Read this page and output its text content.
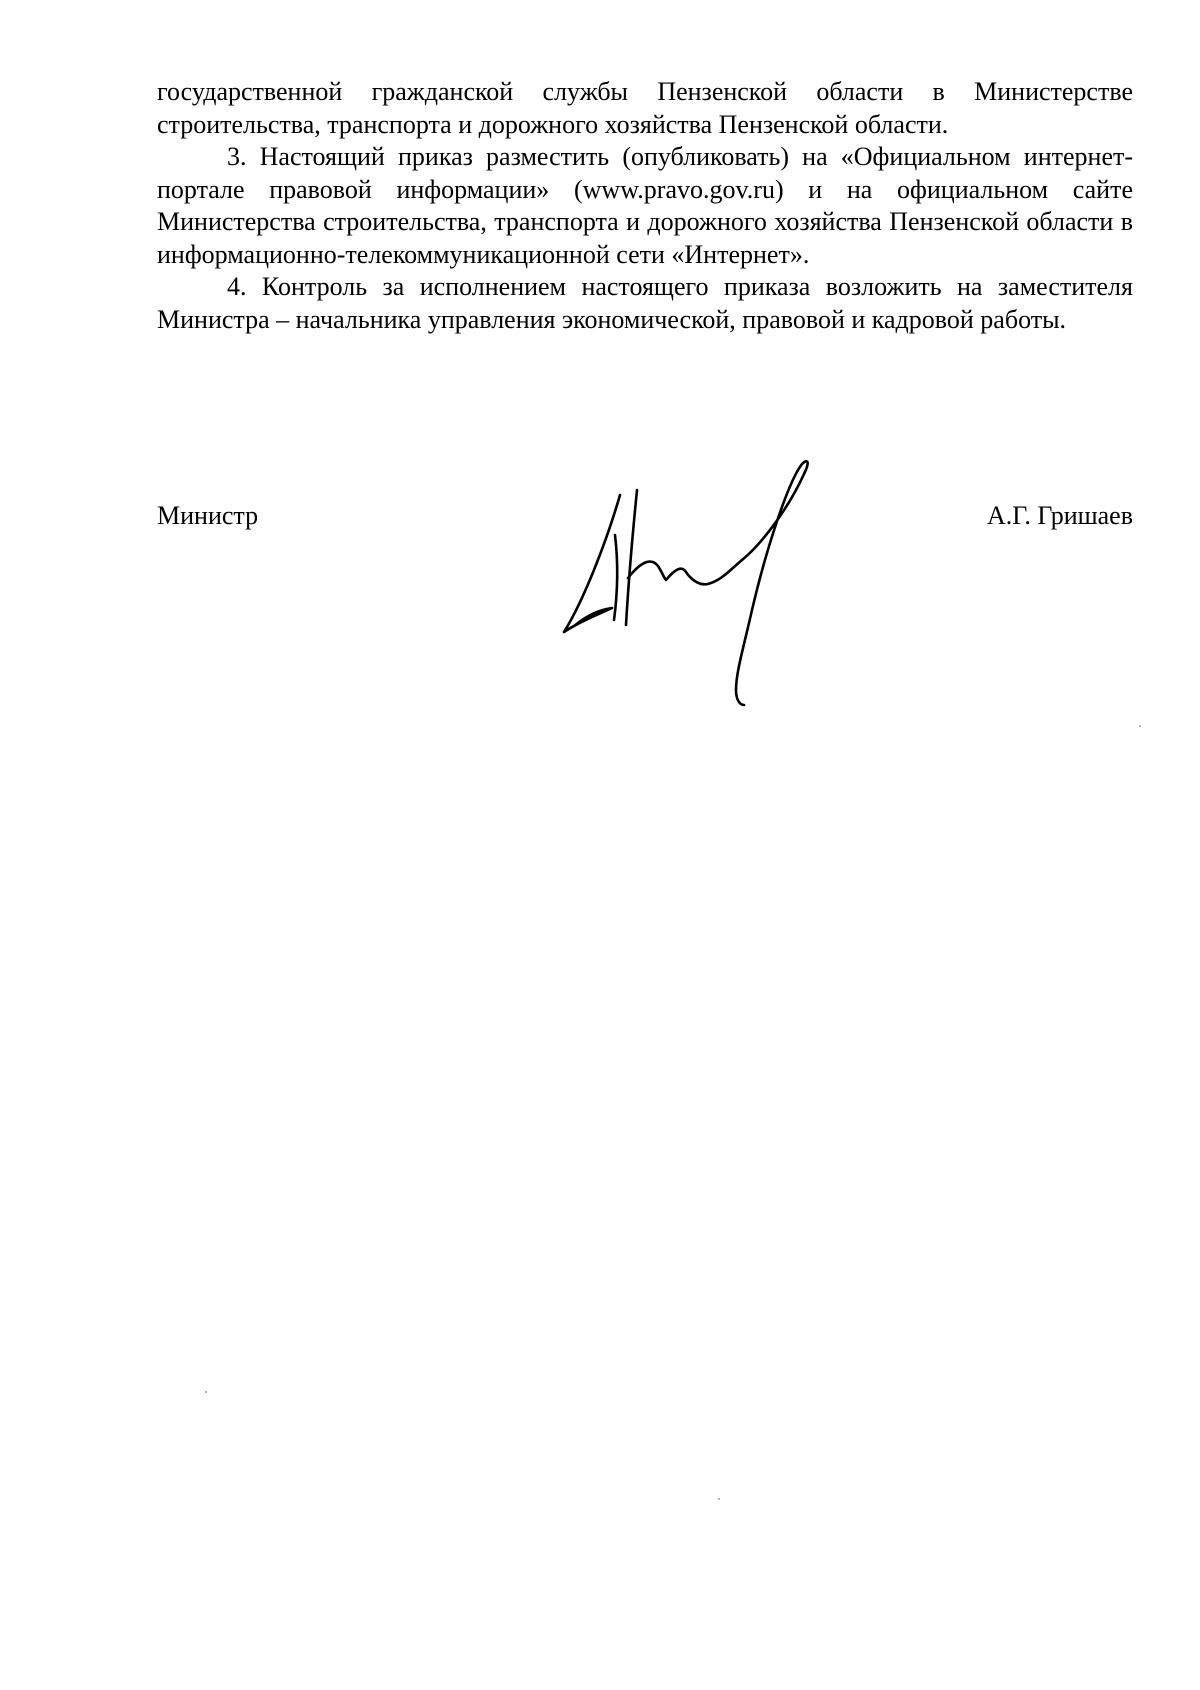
государственной гражданской службы Пензенской области в Министерстве строительства, транспорта и дорожного хозяйства Пензенской области.

3. Настоящий приказ разместить (опубликовать) на «Официальном интернет-портале правовой информации» (www.pravo.gov.ru) и на официальном сайте Министерства строительства, транспорта и дорожного хозяйства Пензенской области в информационно-телекоммуникационной сети «Интернет».

4. Контроль за исполнением настоящего приказа возложить на заместителя Министра – начальника управления экономической, правовой и кадровой работы.

Министр	А.Г. Гришаев
